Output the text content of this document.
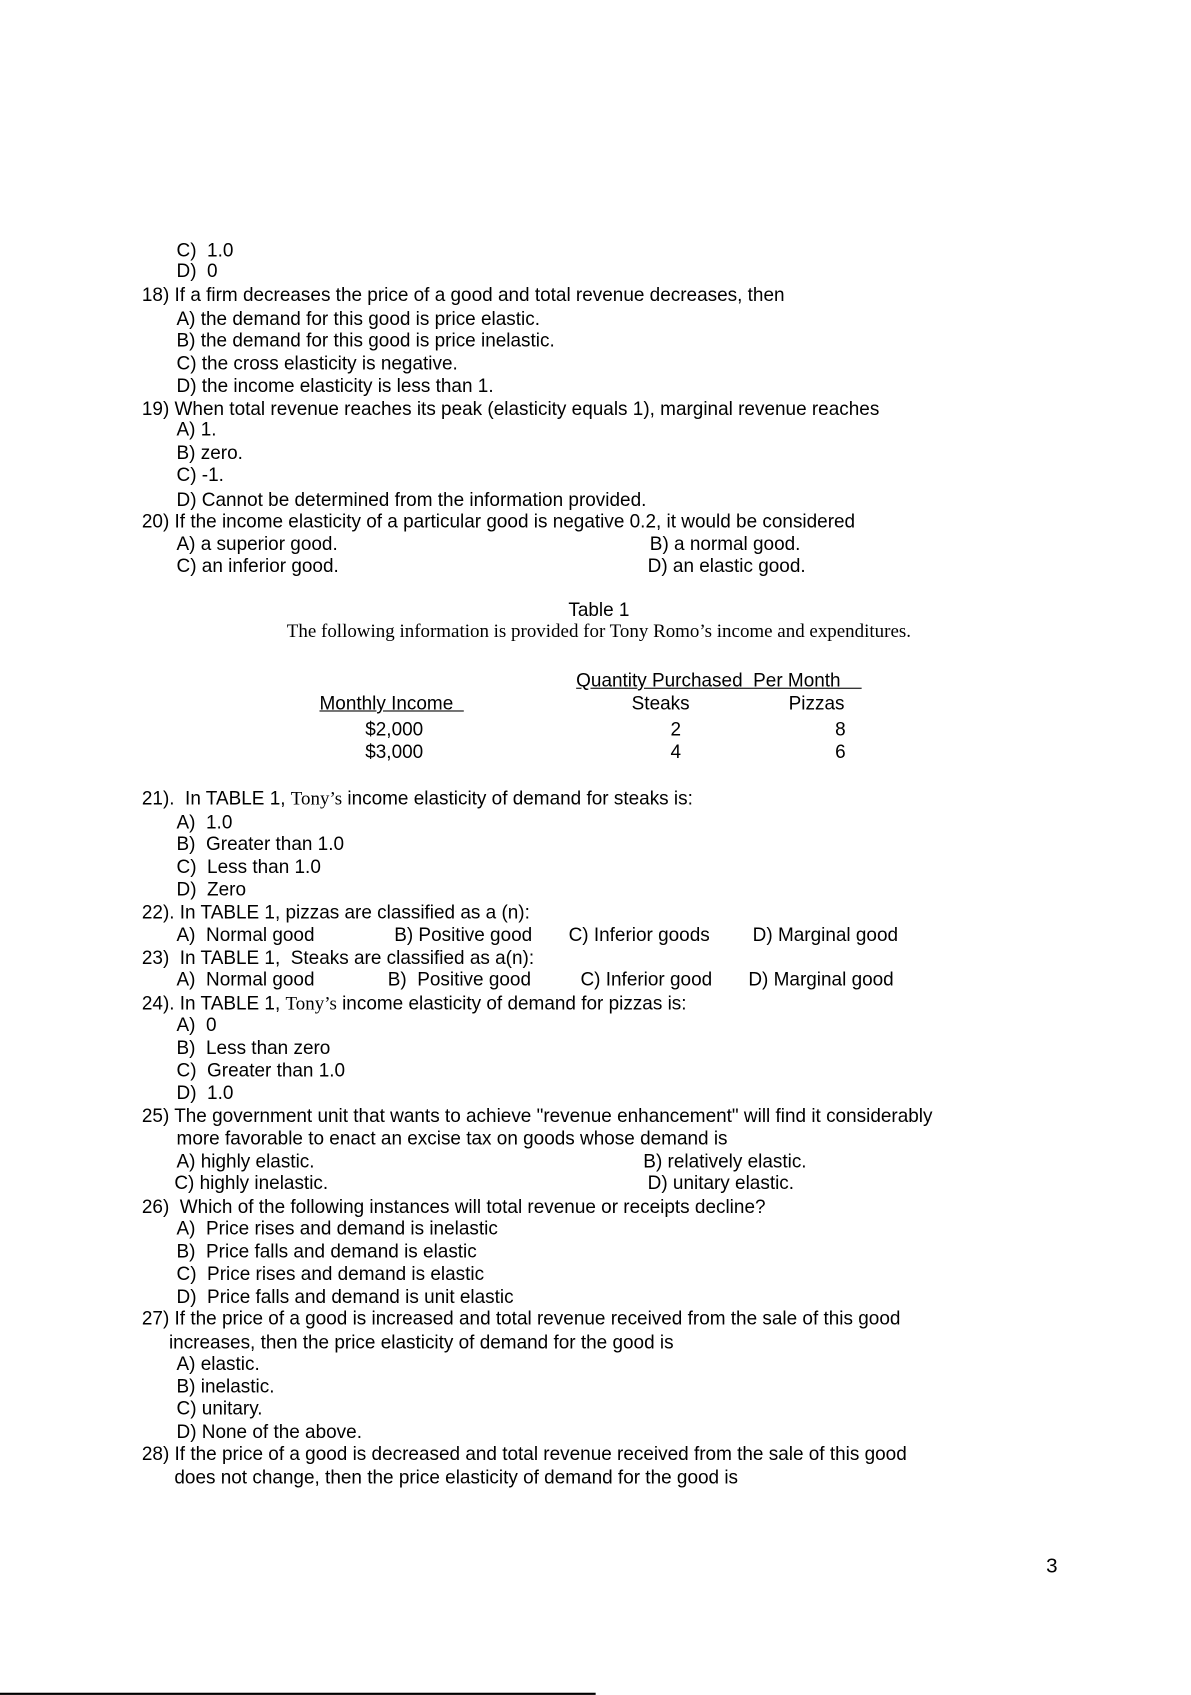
C)  1.0
D)  0
18) If a firm decreases the price of a good and total revenue decreases, then
A) the demand for this good is price elastic.
B) the demand for this good is price inelastic.
C) the cross elasticity is negative.
D) the income elasticity is less than 1.
19) When total revenue reaches its peak (elasticity equals 1), marginal revenue reaches
A) 1.
B) zero.
C) -1.
D) Cannot be determined from the information provided.
20) If the income elasticity of a particular good is negative 0.2, it would be considered
A) a superior good.	B) a normal good.
C) an inferior good.	D) an elastic good.
Table 1
The following information is provided for Tony Romo’s income and expenditures.
Quantity Purchased  Per Month
Monthly Income	Steaks	Pizzas
$2,000	2	8
$3,000	4	6
21).  In TABLE 1, Tony’s income elasticity of demand for steaks is:
A)  1.0
B)  Greater than 1.0
C)  Less than 1.0
D)  Zero
22). In TABLE 1, pizzas are classified as a (n):
A)  Normal good	B) Positive good C) Inferior goods D) Marginal good
23)  In TABLE 1,  Steaks are classified as a(n):
A)  Normal good	B)  Positive good	C) Inferior good D) Marginal good
24). In TABLE 1, Tony’s income elasticity of demand for pizzas is:
A)  0
B)  Less than zero
C)  Greater than 1.0
D)  1.0
25) The government unit that wants to achieve "revenue enhancement" will find it considerably
more favorable to enact an excise tax on goods whose demand is
A) highly elastic.	B) relatively elastic.
C) highly inelastic.	D) unitary elastic.
26)  Which of the following instances will total revenue or receipts decline?
A)  Price rises and demand is inelastic
B)  Price falls and demand is elastic
C)  Price rises and demand is elastic
D)  Price falls and demand is unit elastic
27) If the price of a good is increased and total revenue received from the sale of this good
increases, then the price elasticity of demand for the good is
A) elastic.
B) inelastic.
C) unitary.
D) None of the above.
28) If the price of a good is decreased and total revenue received from the sale of this good
does not change, then the price elasticity of demand for the good is
3
